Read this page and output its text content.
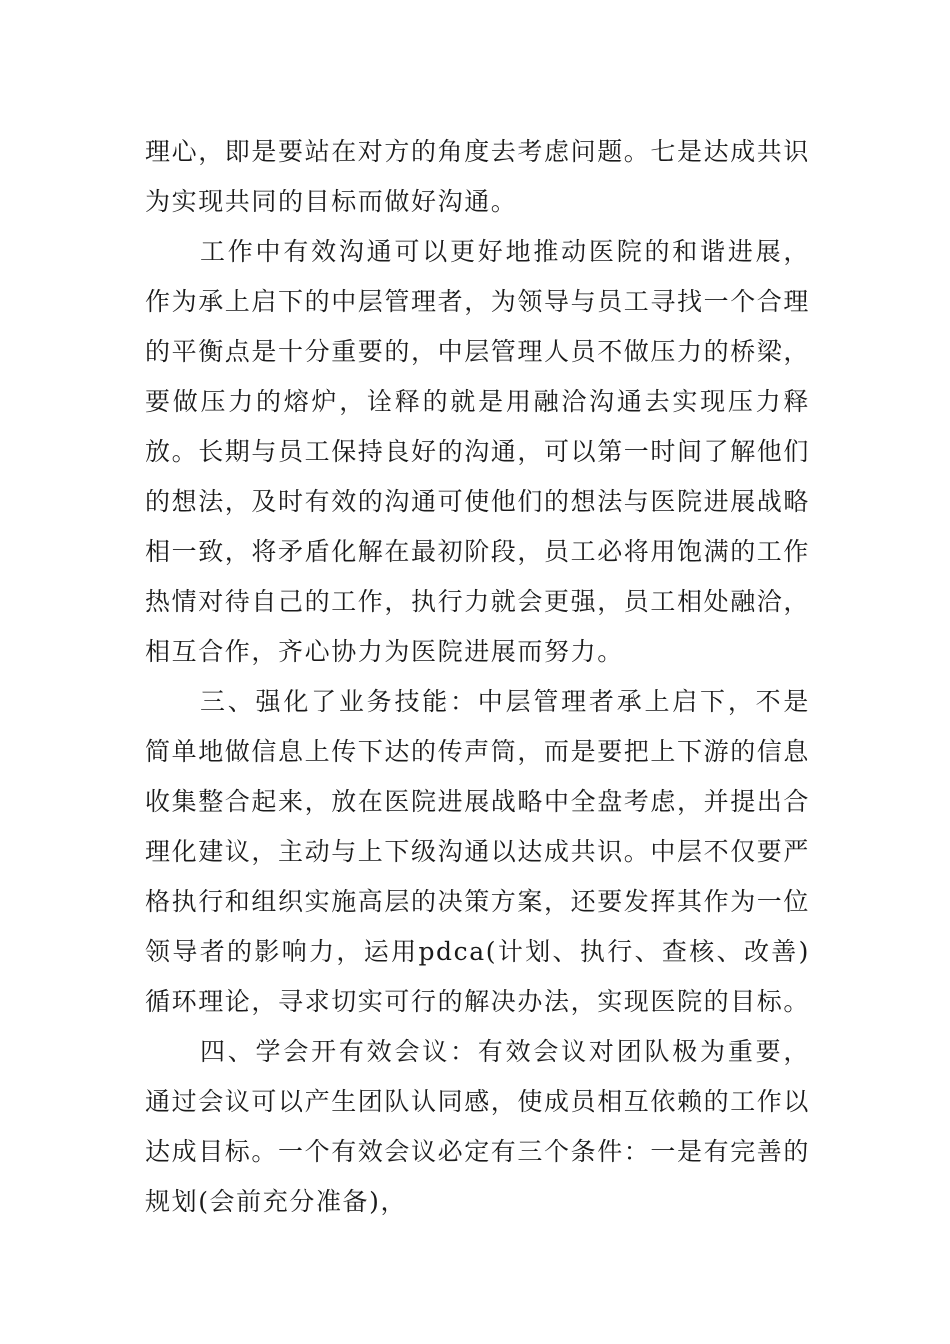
理心，即是要站在对方的角度去考虑问题。七是达成共识为实现共同的目标而做好沟通。

工作中有效沟通可以更好地推动医院的和谐进展，作为承上启下的中层管理者，为领导与员工寻找一个合理的平衡点是十分重要的，中层管理人员不做压力的桥梁，要做压力的熔炉，诠释的就是用融洽沟通去实现压力释放。长期与员工保持良好的沟通，可以第一时间了解他们的想法，及时有效的沟通可使他们的想法与医院进展战略相一致，将矛盾化解在最初阶段，员工必将用饱满的工作热情对待自己的工作，执行力就会更强，员工相处融洽，相互合作，齐心协力为医院进展而努力。

三、强化了业务技能：中层管理者承上启下，不是简单地做信息上传下达的传声筒，而是要把上下游的信息收集整合起来，放在医院进展战略中全盘考虑，并提出合理化建议，主动与上下级沟通以达成共识。中层不仅要严格执行和组织实施高层的决策方案，还要发挥其作为一位领导者的影响力，运用pdca(计划、执行、查核、改善)循环理论，寻求切实可行的解决办法，实现医院的目标。

四、学会开有效会议：有效会议对团队极为重要，通过会议可以产生团队认同感，使成员相互依赖的工作以达成目标。一个有效会议必定有三个条件：一是有完善的规划(会前充分准备)，
